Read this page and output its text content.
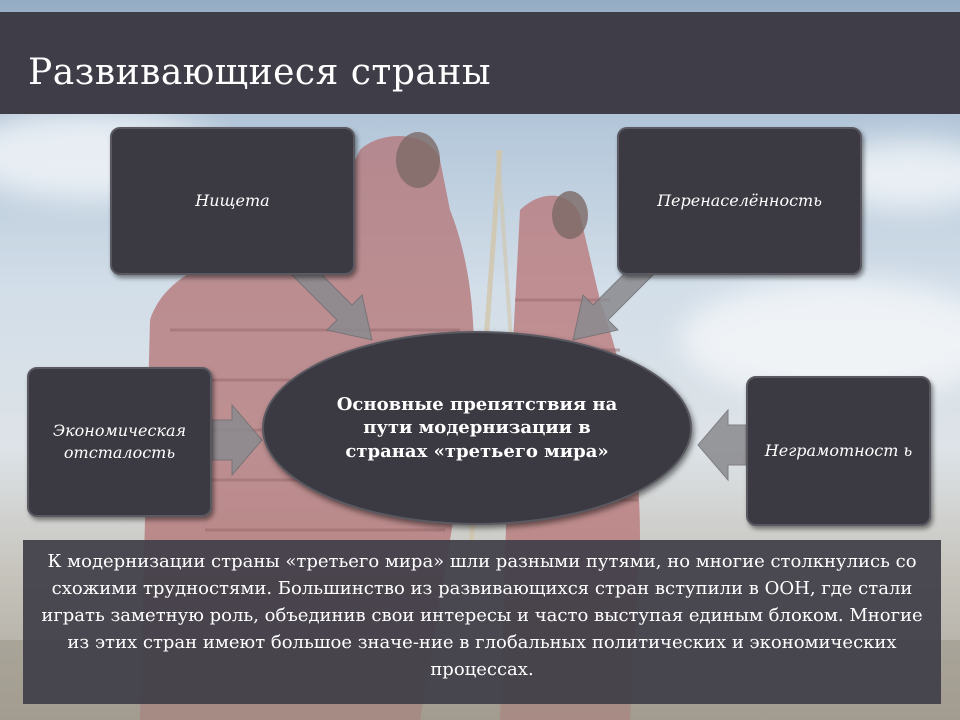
Развивающиеся страны
Нищета	Перенаселённость
Экономическая отсталость	Неграмотност ь
Основные препятствия на пути модернизации в странах «третьего мира»
К модернизации страны «третьего мира» шли разными путями, но многие столкнулись со схожими трудностями. Большинство из развивающихся стран вступили в ООН, где стали играть заметную роль, объединив свои интересы и часто выступая единым блоком. Многие из этих стран имеют большое значе-ние в глобальных политических и экономических процессах.
